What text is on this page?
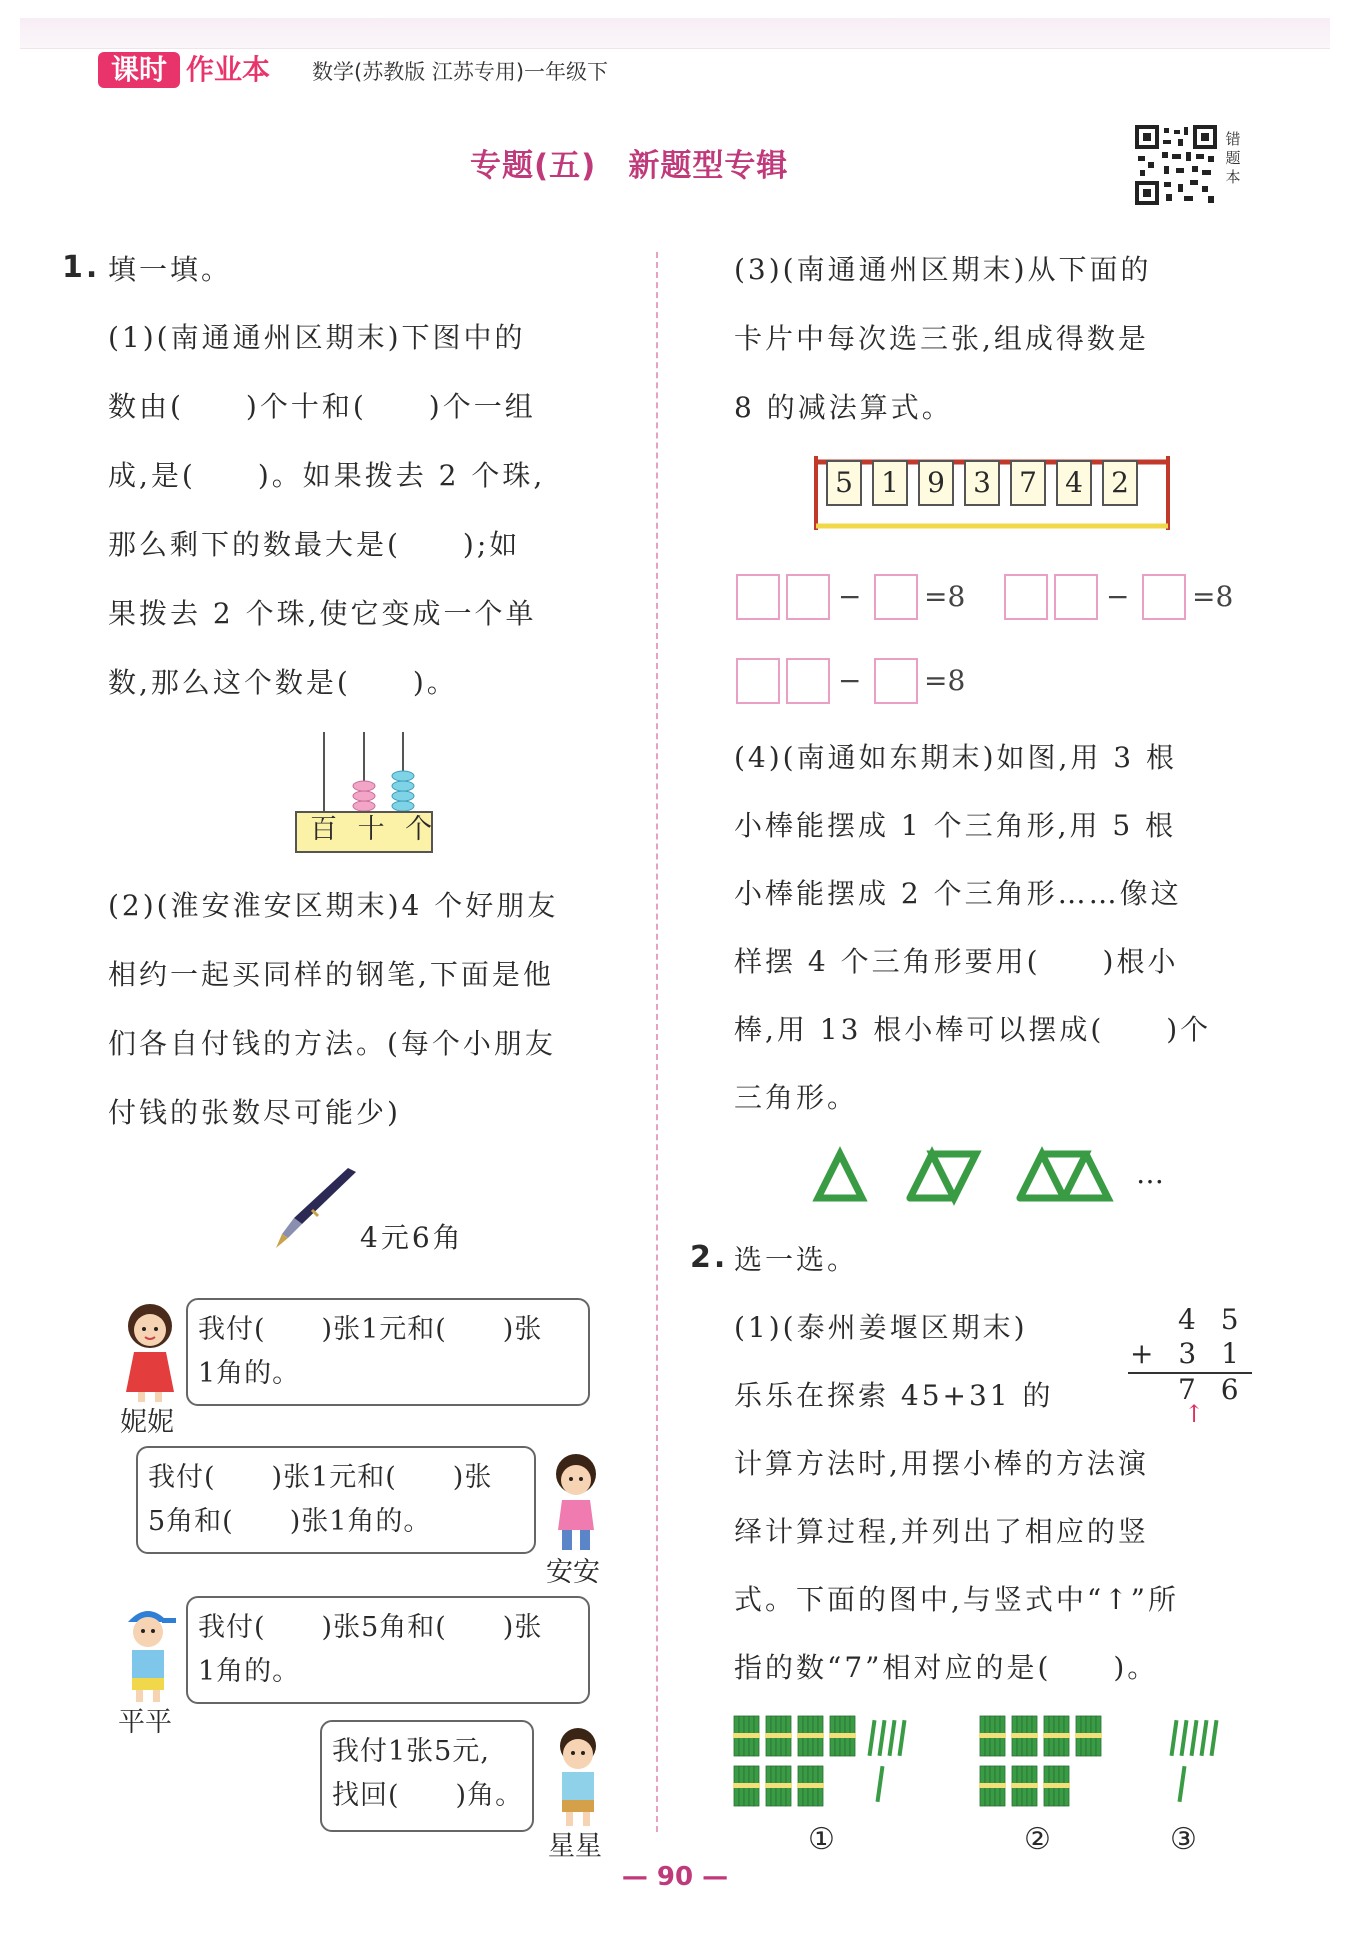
课时 作业本 数学(苏教版 江苏专用)一年级下
专题(五)　新题型专辑
错题本
1. 填一填。
(1)(南通通州区期末)下图中的
数由(　　)个十和(　　)个一组
成,是(　　)。如果拨去 2 个珠,
那么剩下的数最大是(　　);如
果拨去 2 个珠,使它变成一个单
数,那么这个数是(　　)。
百 十 个
(2)(淮安淮安区期末)4 个好朋友
相约一起买同样的钢笔,下面是他
们各自付钱的方法。(每个小朋友
付钱的张数尽可能少)
4元6角
我付(　　)张1元和(　　)张
1角的。
妮妮
我付(　　)张1元和(　　)张
5角和(　　)张1角的。
安安
我付(　　)张5角和(　　)张
1角的。
平平
我付1张5元,
找回(　　)角。
星星
(3)(南通通州区期末)从下面的
卡片中每次选三张,组成得数是
8 的减法算式。
5	1	9	3	7	4	2
− =8	− =8
− =8
(4)(南通如东期末)如图,用 3 根
小棒能摆成 1 个三角形,用 5 根
小棒能摆成 2 个三角形……像这
样摆 4 个三角形要用(　　)根小
棒,用 13 根小棒可以摆成(　　)个
三角形。
…
2. 选一选。
(1)(泰州姜堰区期末)
乐乐在探索 45+31 的
计算方法时,用摆小棒的方法演
绎计算过程,并列出了相应的竖
式。下面的图中,与竖式中“↑”所
指的数“7”相对应的是(　　)。
4 5
+ 3 1
7 6
↑
①	②	③
— 90 —
